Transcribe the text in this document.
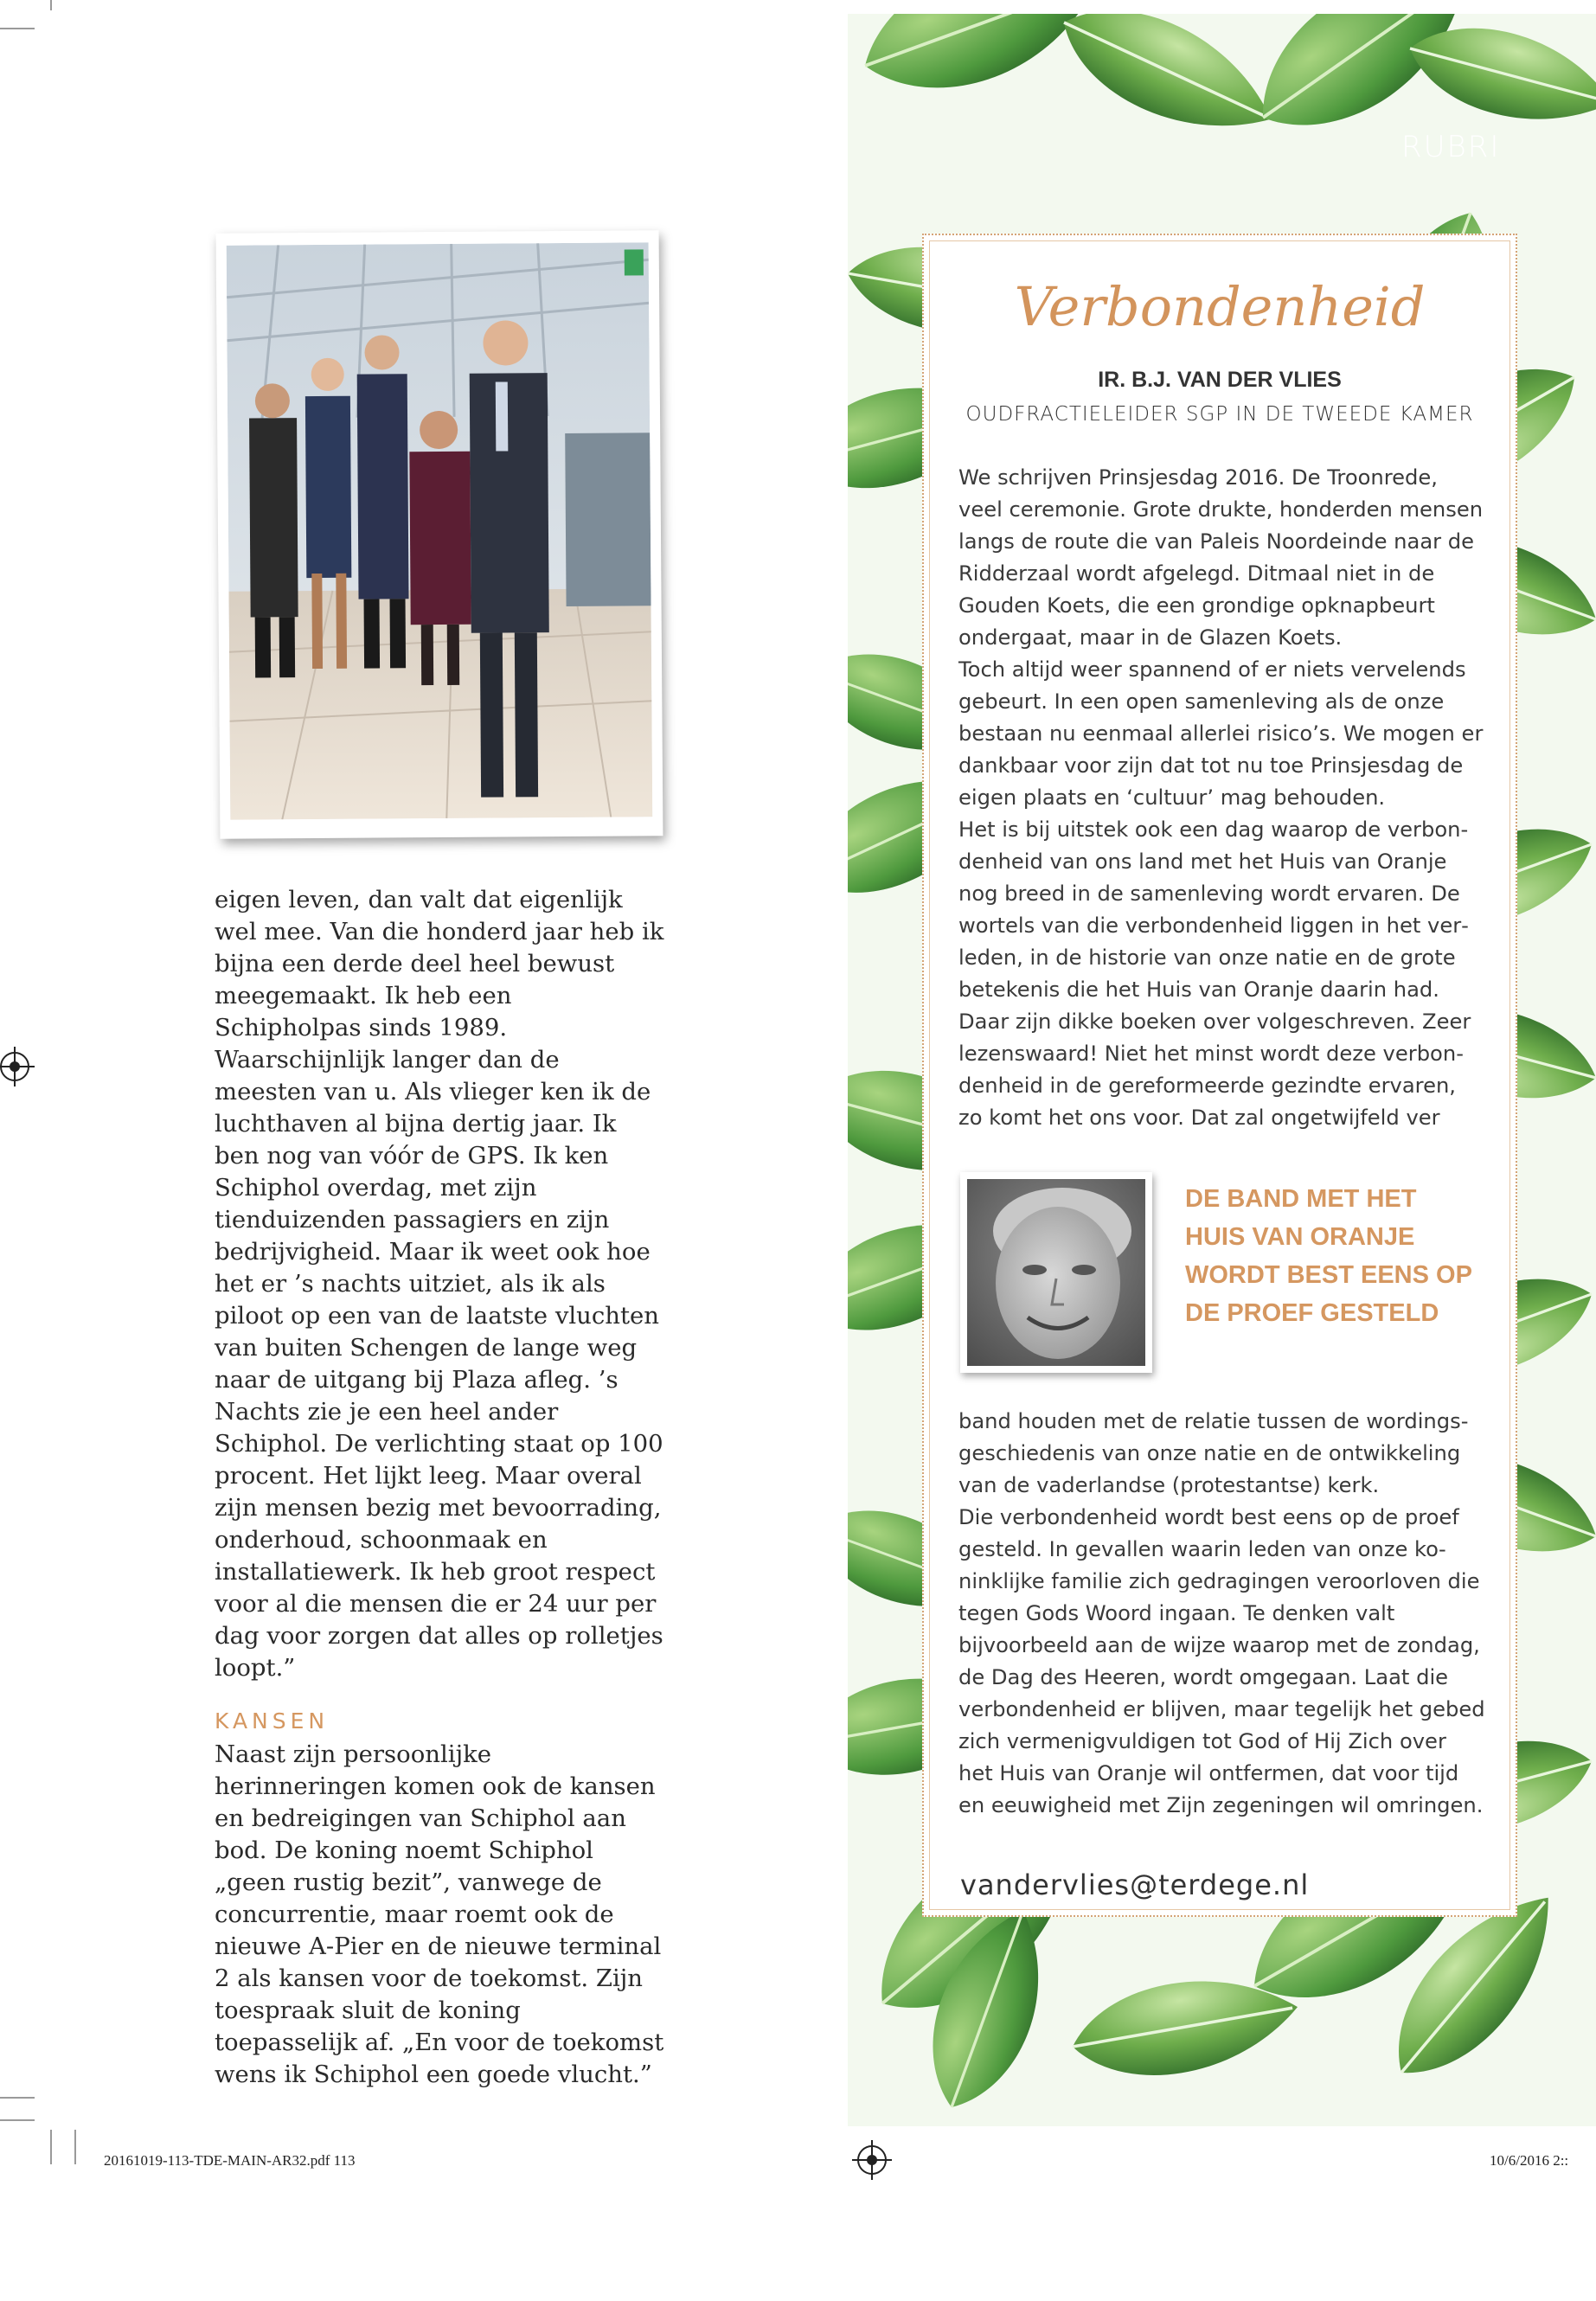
eigen leven, dan valt dat eigenlijk wel mee. Van die honderd jaar heb ik bijna een derde deel heel bewust meegemaakt. Ik heb een Schipholpas sinds 1989. Waarschijnlijk langer dan de meesten van u. Als vlieger ken ik de luchthaven al bijna dertig jaar. Ik ben nog van vóór de GPS. Ik ken Schiphol overdag, met zijn tienduizenden passagiers en zijn bedrijvigheid. Maar ik weet ook hoe het er ’s nachts uitziet, als ik als piloot op een van de laatste vluchten van buiten Schengen de lange weg naar de uitgang bij Plaza afleg. ’s Nachts zie je een heel ander Schiphol. De verlichting staat op 100 procent. Het lijkt leeg. Maar overal zijn mensen bezig met bevoorrading, onderhoud, schoonmaak en installatiewerk. Ik heb groot respect voor al die mensen die er 24 uur per dag voor zorgen dat alles op rolletjes loopt.”

KANSEN

Naast zijn persoonlijke herinneringen komen ook de kansen en bedreigingen van Schiphol aan bod. De koning noemt Schiphol „geen rustig bezit”, vanwege de concurrentie, maar roemt ook de nieuwe A-Pier en de nieuwe terminal 2 als kansen voor de toekomst. Zijn toespraak sluit de koning toepasselijk af. „En voor de toekomst wens ik Schiphol een goede vlucht.”

RUBRI
Verbondenheid
IR. B.J. VAN DER VLIES
OUDFRACTIELEIDER SGP IN DE TWEEDE KAMER

We schrijven Prinsjesdag 2016. De Troonrede, veel ceremonie. Grote drukte, honderden mensen langs de route die van Paleis Noordeinde naar de Ridderzaal wordt afgelegd. Ditmaal niet in de Gouden Koets, die een grondige opknapbeurt ondergaat, maar in de Glazen Koets.

Toch altijd weer spannend of er niets vervelends gebeurt. In een open samenleving als de onze bestaan nu eenmaal allerlei risico’s. We mogen er dankbaar voor zijn dat tot nu toe Prinsjesdag de eigen plaats en ‘cultuur’ mag behouden.

Het is bij uitstek ook een dag waarop de verbondenheid van ons land met het Huis van Oranje nog breed in de samenleving wordt ervaren. De wortels van die verbondenheid liggen in het verleden, in de historie van onze natie en de grote betekenis die het Huis van Oranje daarin had. Daar zijn dikke boeken over volgeschreven. Zeer lezenswaard! Niet het minst wordt deze verbondenheid in de gereformeerde gezindte ervaren, zo komt het ons voor. Dat zal ongetwijfeld ver

DE BAND MET HET HUIS VAN ORANJE WORDT BEST EENS OP DE PROEF GESTELD

band houden met de relatie tussen de wordingsgeschiedenis van onze natie en de ontwikkeling van de vaderlandse (protestantse) kerk.

Die verbondenheid wordt best eens op de proef gesteld. In gevallen waarin leden van onze koninklijke familie zich gedragingen veroorloven die tegen Gods Woord ingaan. Te denken valt bijvoorbeeld aan de wijze waarop met de zondag, de Dag des Heeren, wordt omgegaan. Laat die verbondenheid er blijven, maar tegelijk het gebed zich vermenigvuldigen tot God of Hij Zich over het Huis van Oranje wil ontfermen, dat voor tijd en eeuwigheid met Zijn zegeningen wil omringen.

vandervlies@terdege.nl
20161019-113-TDE-MAIN-AR32.pdf 113	10/6/2016 2::
